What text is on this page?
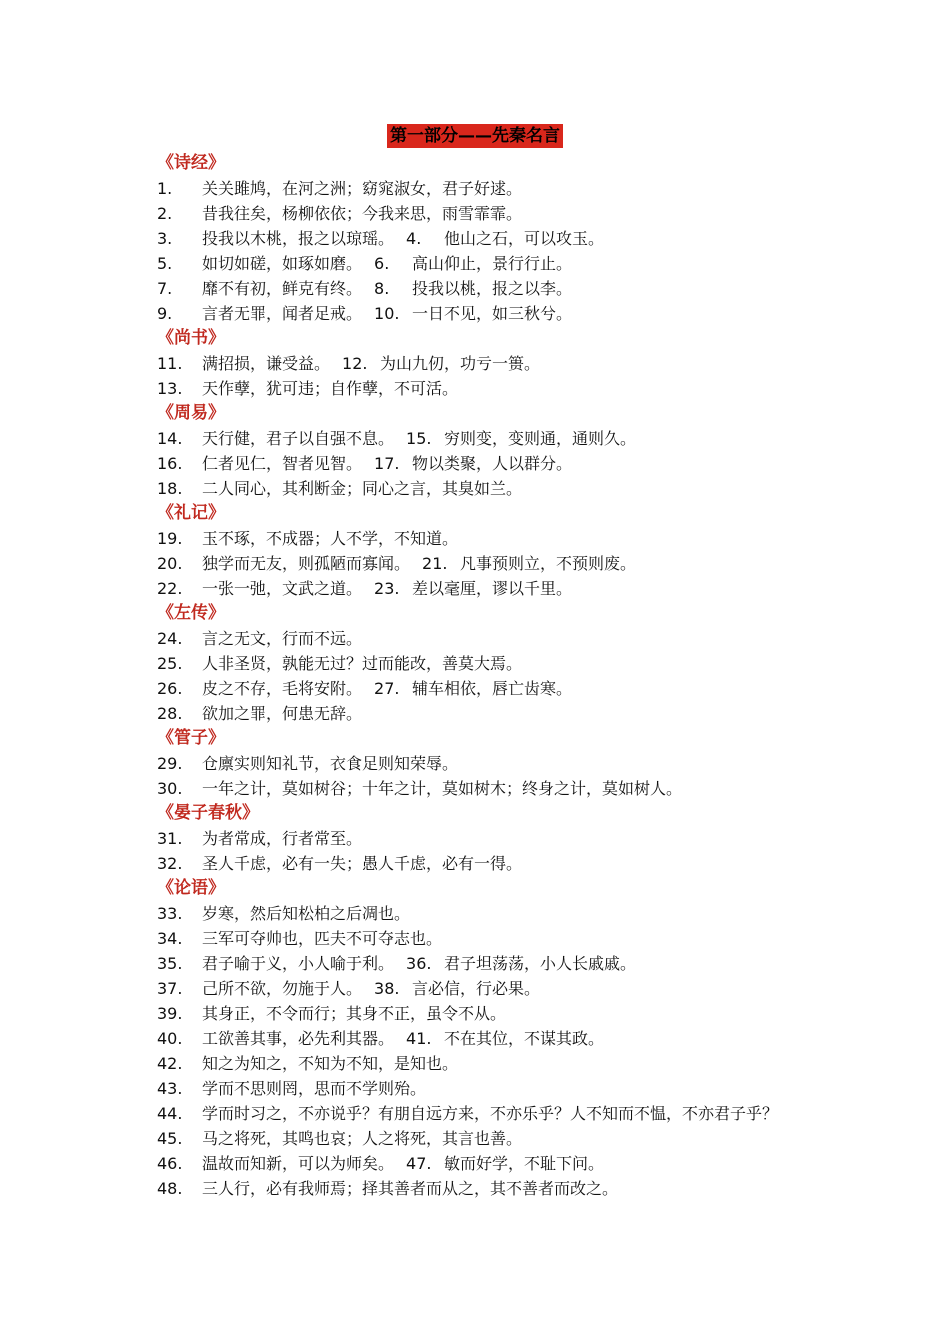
第一部分——先秦名言
《诗经》
1. 关关雎鸠，在河之洲；窈窕淑女，君子好逑。
2. 昔我往矣，杨柳依依；今我来思，雨雪霏霏。
3. 投我以木桃，报之以琼瑶。 4. 他山之石，可以攻玉。
5. 如切如磋，如琢如磨。 6. 高山仰止，景行行止。
7. 靡不有初，鲜克有终。 8. 投我以桃，报之以李。
9. 言者无罪，闻者足戒。 10. 一日不见，如三秋兮。
《尚书》
11. 满招损，谦受益。 12. 为山九仞，功亏一篑。
13. 天作孽，犹可违；自作孽，不可活。
《周易》
14. 天行健，君子以自强不息。 15. 穷则变，变则通，通则久。
16. 仁者见仁，智者见智。 17. 物以类聚，人以群分。
18. 二人同心，其利断金；同心之言，其臭如兰。
《礼记》
19. 玉不琢，不成器；人不学，不知道。
20. 独学而无友，则孤陋而寡闻。 21. 凡事预则立，不预则废。
22. 一张一弛，文武之道。 23. 差以毫厘，谬以千里。
《左传》
24. 言之无文，行而不远。
25. 人非圣贤，孰能无过？过而能改，善莫大焉。
26. 皮之不存，毛将安附。 27. 辅车相依，唇亡齿寒。
28. 欲加之罪，何患无辞。
《管子》
29. 仓廪实则知礼节，衣食足则知荣辱。
30. 一年之计，莫如树谷；十年之计，莫如树木；终身之计，莫如树人。
《晏子春秋》
31. 为者常成，行者常至。
32. 圣人千虑，必有一失；愚人千虑，必有一得。
《论语》
33. 岁寒，然后知松柏之后凋也。
34. 三军可夺帅也，匹夫不可夺志也。
35. 君子喻于义，小人喻于利。 36. 君子坦荡荡，小人长戚戚。
37. 己所不欲，勿施于人。 38. 言必信，行必果。
39. 其身正，不令而行；其身不正，虽令不从。
40. 工欲善其事，必先利其器。 41. 不在其位，不谋其政。
42. 知之为知之，不知为不知，是知也。
43. 学而不思则罔，思而不学则殆。
44. 学而时习之，不亦说乎？有朋自远方来，不亦乐乎？人不知而不愠，不亦君子乎？
45. 马之将死，其鸣也哀；人之将死，其言也善。
46. 温故而知新，可以为师矣。 47. 敏而好学，不耻下问。
48. 三人行，必有我师焉；择其善者而从之，其不善者而改之。
